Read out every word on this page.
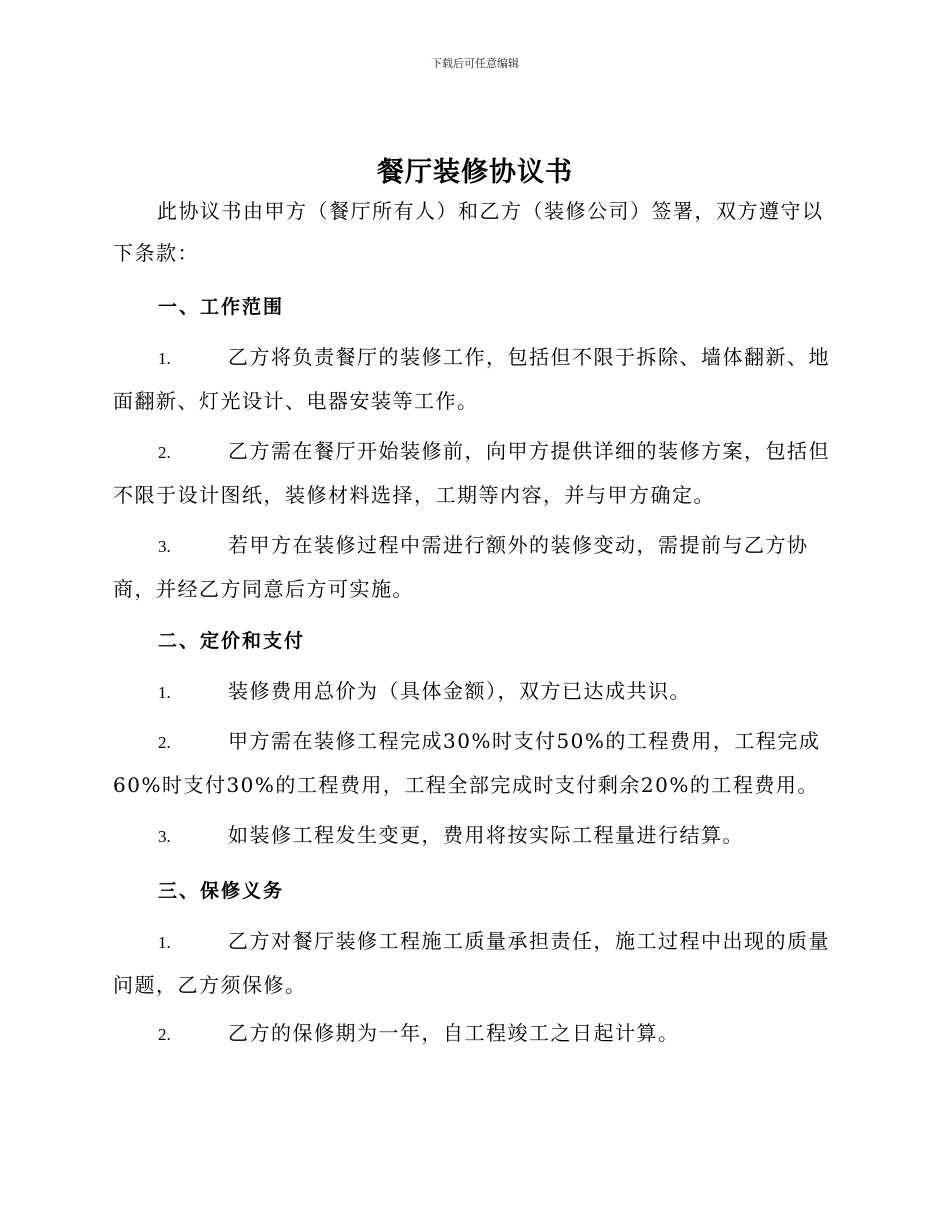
下载后可任意编辑
餐厅装修协议书
此协议书由甲方（餐厅所有人）和乙方（装修公司）签署，双方遵守以下条款：
一、工作范围
1.	乙方将负责餐厅的装修工作，包括但不限于拆除、墙体翻新、地面翻新、灯光设计、电器安装等工作。
2.	乙方需在餐厅开始装修前，向甲方提供详细的装修方案，包括但不限于设计图纸，装修材料选择，工期等内容，并与甲方确定。
3.	若甲方在装修过程中需进行额外的装修变动，需提前与乙方协商，并经乙方同意后方可实施。
二、定价和支付
1.	装修费用总价为（具体金额），双方已达成共识。
2.	甲方需在装修工程完成30%时支付50%的工程费用，工程完成60%时支付30%的工程费用，工程全部完成时支付剩余20%的工程费用。
3.	如装修工程发生变更，费用将按实际工程量进行结算。
三、保修义务
1.	乙方对餐厅装修工程施工质量承担责任，施工过程中出现的质量问题，乙方须保修。
2.	乙方的保修期为一年，自工程竣工之日起计算。
